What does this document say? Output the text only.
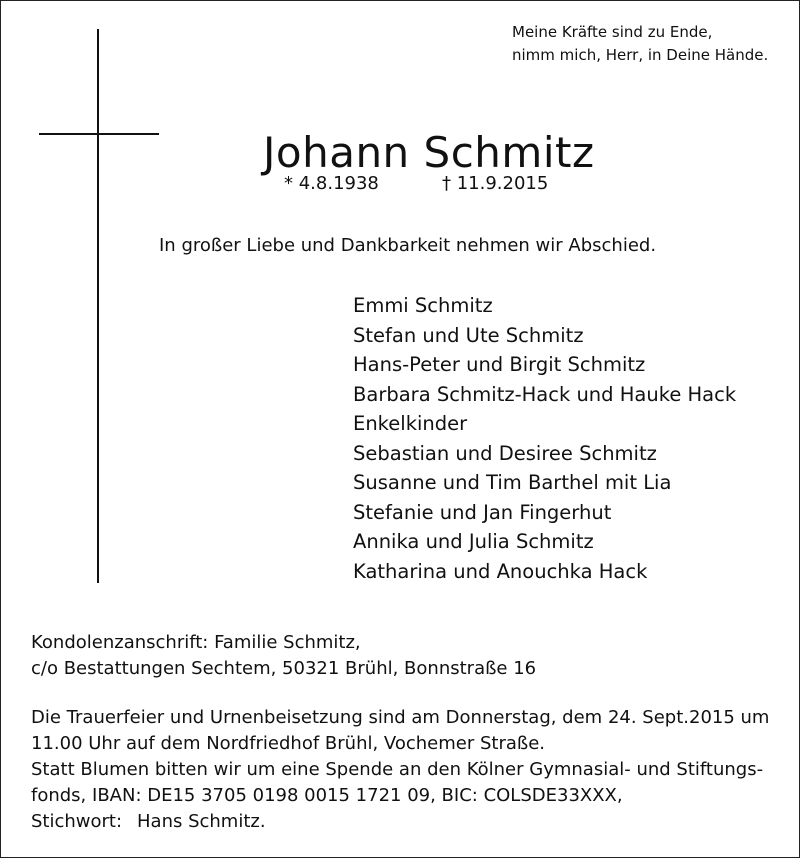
Meine Kräfte sind zu Ende,
nimm mich, Herr, in Deine Hände.
Johann Schmitz
* 4.8.1938	† 11.9.2015
In großer Liebe und Dankbarkeit nehmen wir Abschied.
Emmi Schmitz
Stefan und Ute Schmitz
Hans-Peter und Birgit Schmitz
Barbara Schmitz-Hack und Hauke Hack
Enkelkinder
Sebastian und Desiree Schmitz
Susanne und Tim Barthel mit Lia
Stefanie und Jan Fingerhut
Annika und Julia Schmitz
Katharina und Anouchka Hack
Kondolenzanschrift: Familie Schmitz,
c/o Bestattungen Sechtem, 50321 Brühl, Bonnstraße 16
Die Trauerfeier und Urnenbeisetzung sind am Donnerstag, dem 24. Sept.2015 um
11.00 Uhr auf dem Nordfriedhof Brühl, Vochemer Straße.
Statt Blumen bitten wir um eine Spende an den Kölner Gymnasial- und Stiftungs-
fonds, IBAN: DE15 3705 0198 0015 1721 09, BIC: COLSDE33XXX,
Stichwort: Hans Schmitz.
